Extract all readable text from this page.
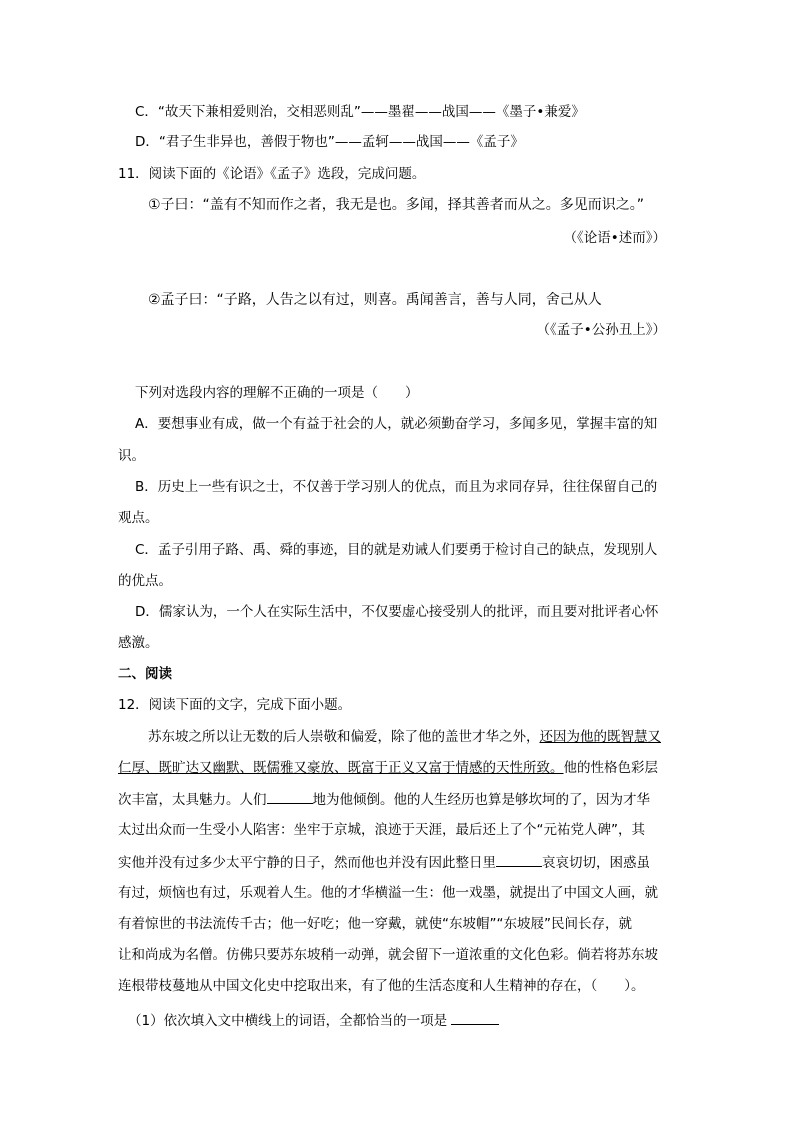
C．“故天下兼相爱则治，交相恶则乱”——墨翟——战国——《墨子•兼爱》
D．“君子生非异也，善假于物也”——孟轲——战国——《孟子》
11．阅读下面的《论语》《孟子》选段，完成问题。
①子曰：“盖有不知而作之者，我无是也。多闻，择其善者而从之。多见而识之。”
（《论语•述而》）
②孟子曰：“子路，人告之以有过，则喜。禹闻善言，善与人同，舍己从人
（《孟子•公孙丑上》）
下列对选段内容的理解不正确的一项是（　　）
A．要想事业有成，做一个有益于社会的人，就必须勤奋学习，多闻多见，掌握丰富的知
识。
B．历史上一些有识之士，不仅善于学习别人的优点，而且为求同存异，往往保留自己的
观点。
C．孟子引用子路、禹、舜的事迹，目的就是劝诫人们要勇于检讨自己的缺点，发现别人
的优点。
D．儒家认为，一个人在实际生活中，不仅要虚心接受别人的批评，而且要对批评者心怀
感激。
二、阅读
12．阅读下面的文字，完成下面小题。
苏东坡之所以让无数的后人崇敬和偏爱，除了他的盖世才华之外，还因为他的既智慧又
仁厚、既旷达又幽默、既儒雅又豪放、既富于正义又富于情感的天性所致。他的性格色彩层
次丰富，太具魅力。人们	地为他倾倒。他的人生经历也算是够坎坷的了，因为才华
太过出众而一生受小人陷害：坐牢于京城，浪迹于天涯，最后还上了个“元祐党人碑”，其
实他并没有过多少太平宁静的日子，然而他也并没有因此整日里	哀哀切切，困惑虽
有过，烦恼也有过，乐观着人生。他的才华横溢一生：他一戏墨，就提出了中国文人画，就
有着惊世的书法流传千古；他一好吃；他一穿戴，就使“东坡帽”“东坡屐”民间长存，就
让和尚成为名僧。仿佛只要苏东坡稍一动弹，就会留下一道浓重的文化色彩。倘若将苏东坡
连根带枝蔓地从中国文化史中挖取出来，有了他的生活态度和人生精神的存在，（　　）。
（1）依次填入文中横线上的词语，全都恰当的一项是
